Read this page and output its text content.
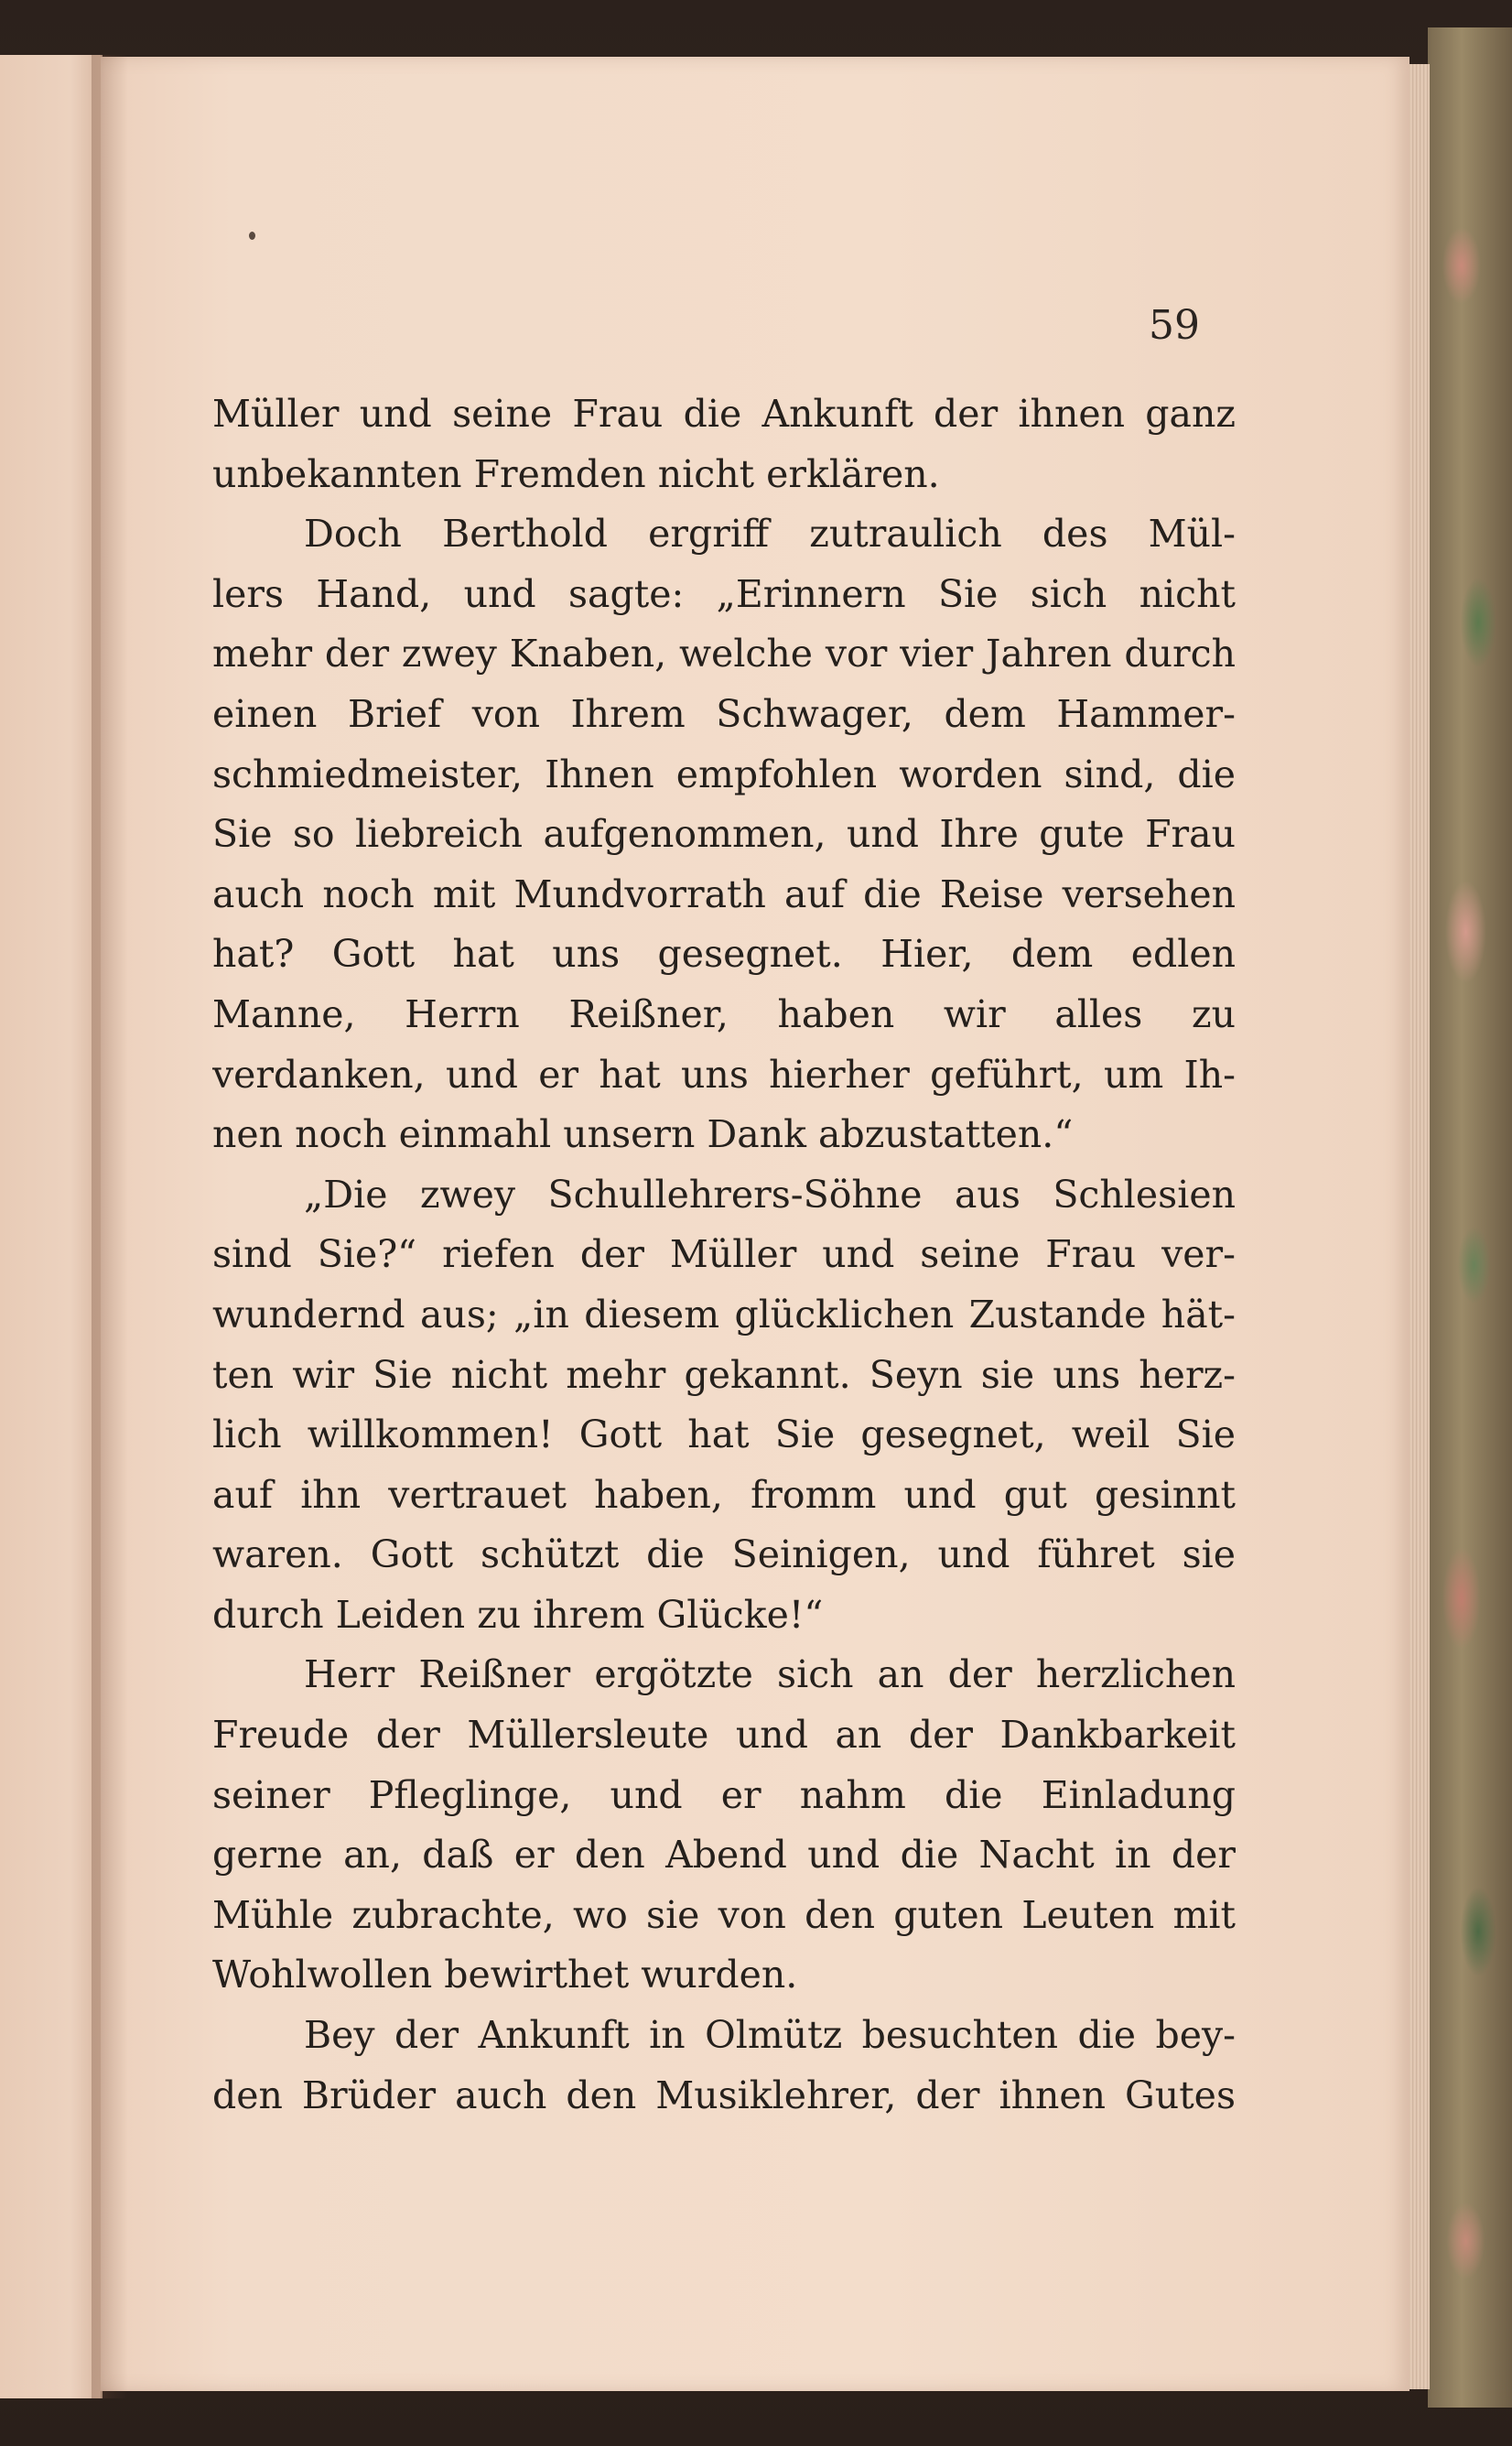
59
Müller und seine Frau die Ankunft der ihnen ganz
unbekannten Fremden nicht erklären.
Doch Berthold ergriff zutraulich des Mül-
lers Hand, und sagte: „Erinnern Sie sich nicht
mehr der zwey Knaben, welche vor vier Jahren durch
einen Brief von Ihrem Schwager, dem Hammer-
schmiedmeister, Ihnen empfohlen worden sind, die
Sie so liebreich aufgenommen, und Ihre gute Frau
auch noch mit Mundvorrath auf die Reise versehen
hat? Gott hat uns gesegnet. Hier, dem edlen
Manne, Herrn Reißner, haben wir alles zu
verdanken, und er hat uns hierher geführt, um Ih-
nen noch einmahl unsern Dank abzustatten.“
„Die zwey Schullehrers-Söhne aus Schlesien
sind Sie?“ riefen der Müller und seine Frau ver-
wundernd aus; „in diesem glücklichen Zustande hät-
ten wir Sie nicht mehr gekannt. Seyn sie uns herz-
lich willkommen! Gott hat Sie gesegnet, weil Sie
auf ihn vertrauet haben, fromm und gut gesinnt
waren. Gott schützt die Seinigen, und führet sie
durch Leiden zu ihrem Glücke!“
Herr Reißner ergötzte sich an der herzlichen
Freude der Müllersleute und an der Dankbarkeit
seiner Pfleglinge, und er nahm die Einladung
gerne an, daß er den Abend und die Nacht in der
Mühle zubrachte, wo sie von den guten Leuten mit
Wohlwollen bewirthet wurden.
Bey der Ankunft in Olmütz besuchten die bey-
den Brüder auch den Musiklehrer, der ihnen Gutes
